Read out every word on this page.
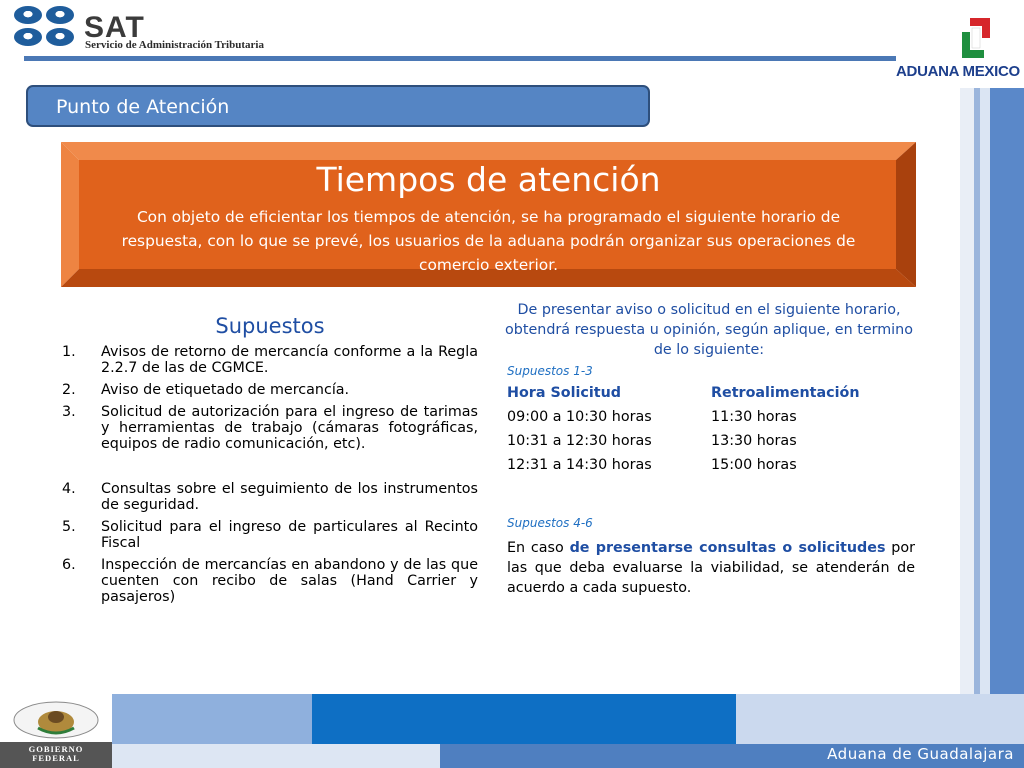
SAT
Servicio de Administración Tributaria
ADUANA MEXICO
Punto de Atención
Tiempos de atención
Con objeto de eficientar los tiempos de atención, se ha programado el siguiente horario de respuesta, con lo que se prevé, los usuarios de la aduana podrán organizar sus operaciones de comercio exterior.
Supuestos
1. Avisos de retorno de mercancía conforme a la Regla 2.2.7 de las de CGMCE.
2. Aviso de etiquetado de mercancía.
3. Solicitud de autorización para el ingreso de tarimas y herramientas de trabajo (cámaras fotográficas, equipos de radio comunicación, etc).
4. Consultas sobre el seguimiento de los instrumentos de seguridad.
5. Solicitud para el ingreso de particulares al Recinto Fiscal
6. Inspección de mercancías en abandono y de las que cuenten con recibo de salas (Hand Carrier y pasajeros)
De presentar aviso o solicitud en el siguiente horario, obtendrá respuesta u opinión, según aplique, en termino de lo siguiente:
Supuestos 1-3
Hora Solicitud	Retroalimentación
09:00 a 10:30 horas	11:30 horas
10:31 a 12:30 horas	13:30 horas
12:31 a 14:30 horas	15:00 horas
Supuestos 4-6
En caso de presentarse consultas o solicitudes por las que deba evaluarse la viabilidad, se atenderán de acuerdo a cada supuesto.
GOBIERNO
FEDERAL	Aduana de Guadalajara
